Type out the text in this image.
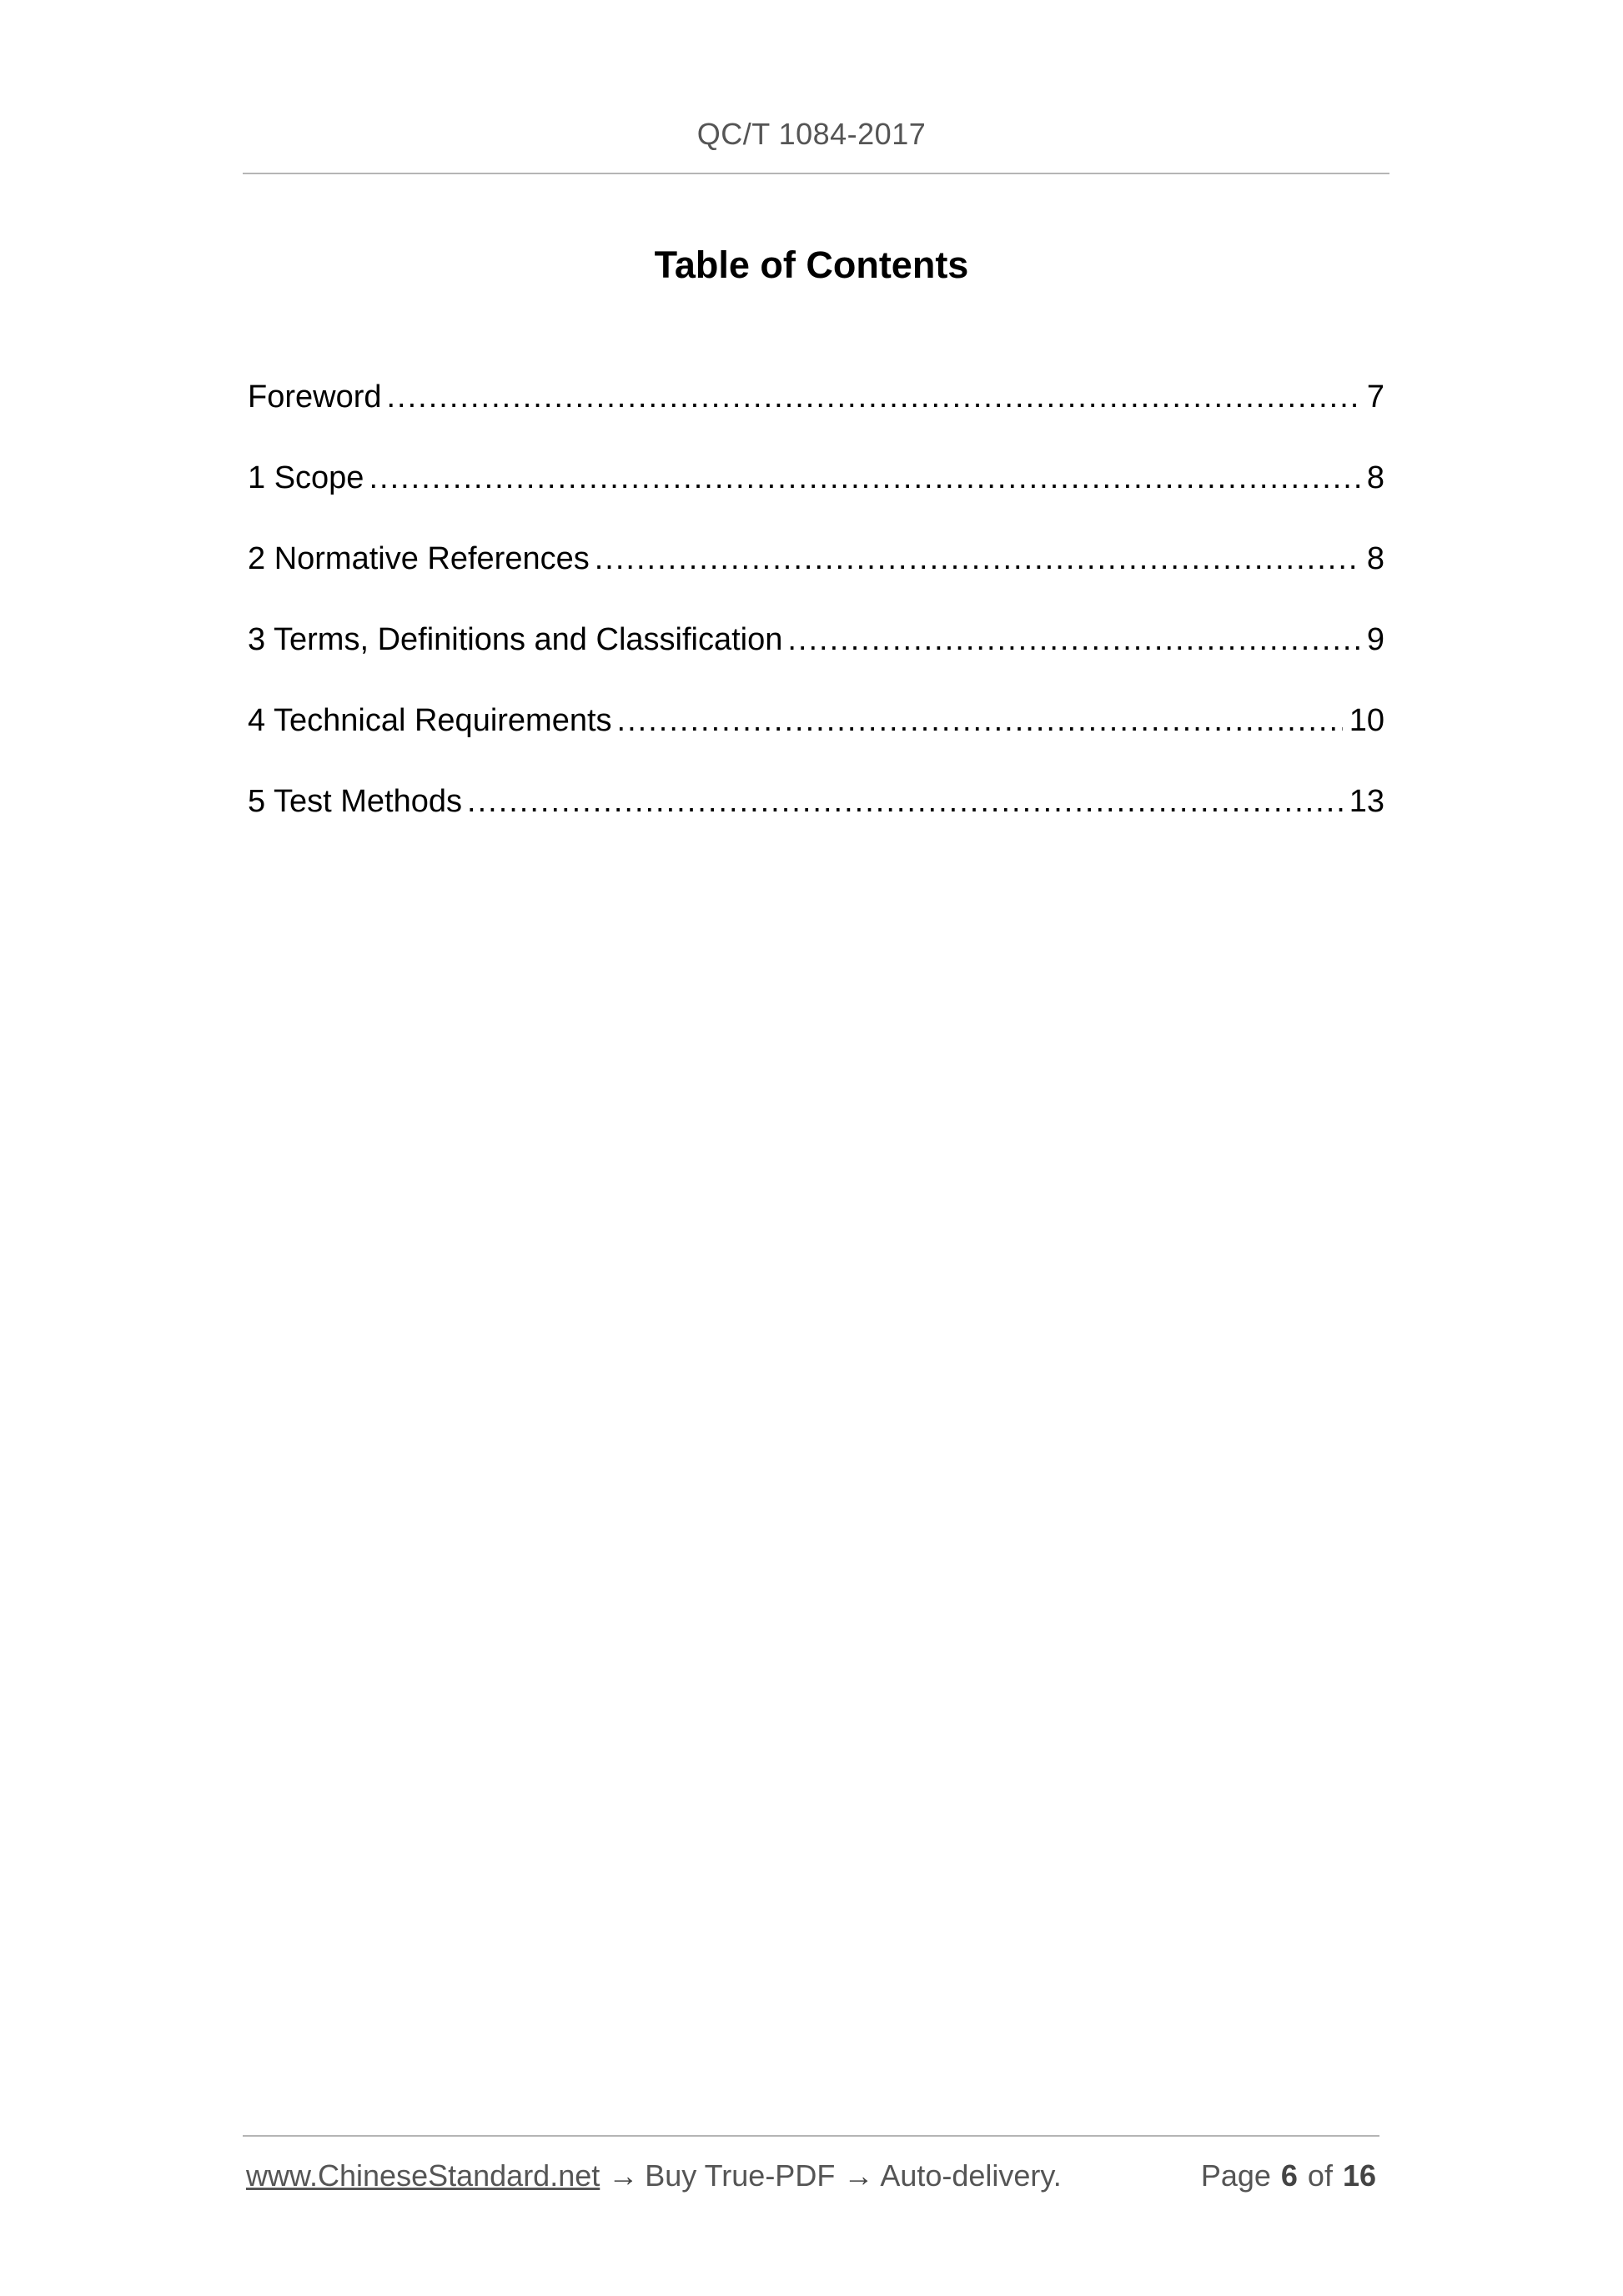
QC/T 1084-2017
Table of Contents
Foreword .....	7
1 Scope .....	8
2 Normative References .....	8
3 Terms, Definitions and Classification .....	9
4 Technical Requirements .....	10
5 Test Methods .....	13
www.ChineseStandard.net → Buy True-PDF → Auto-delivery.	Page 6 of 16
